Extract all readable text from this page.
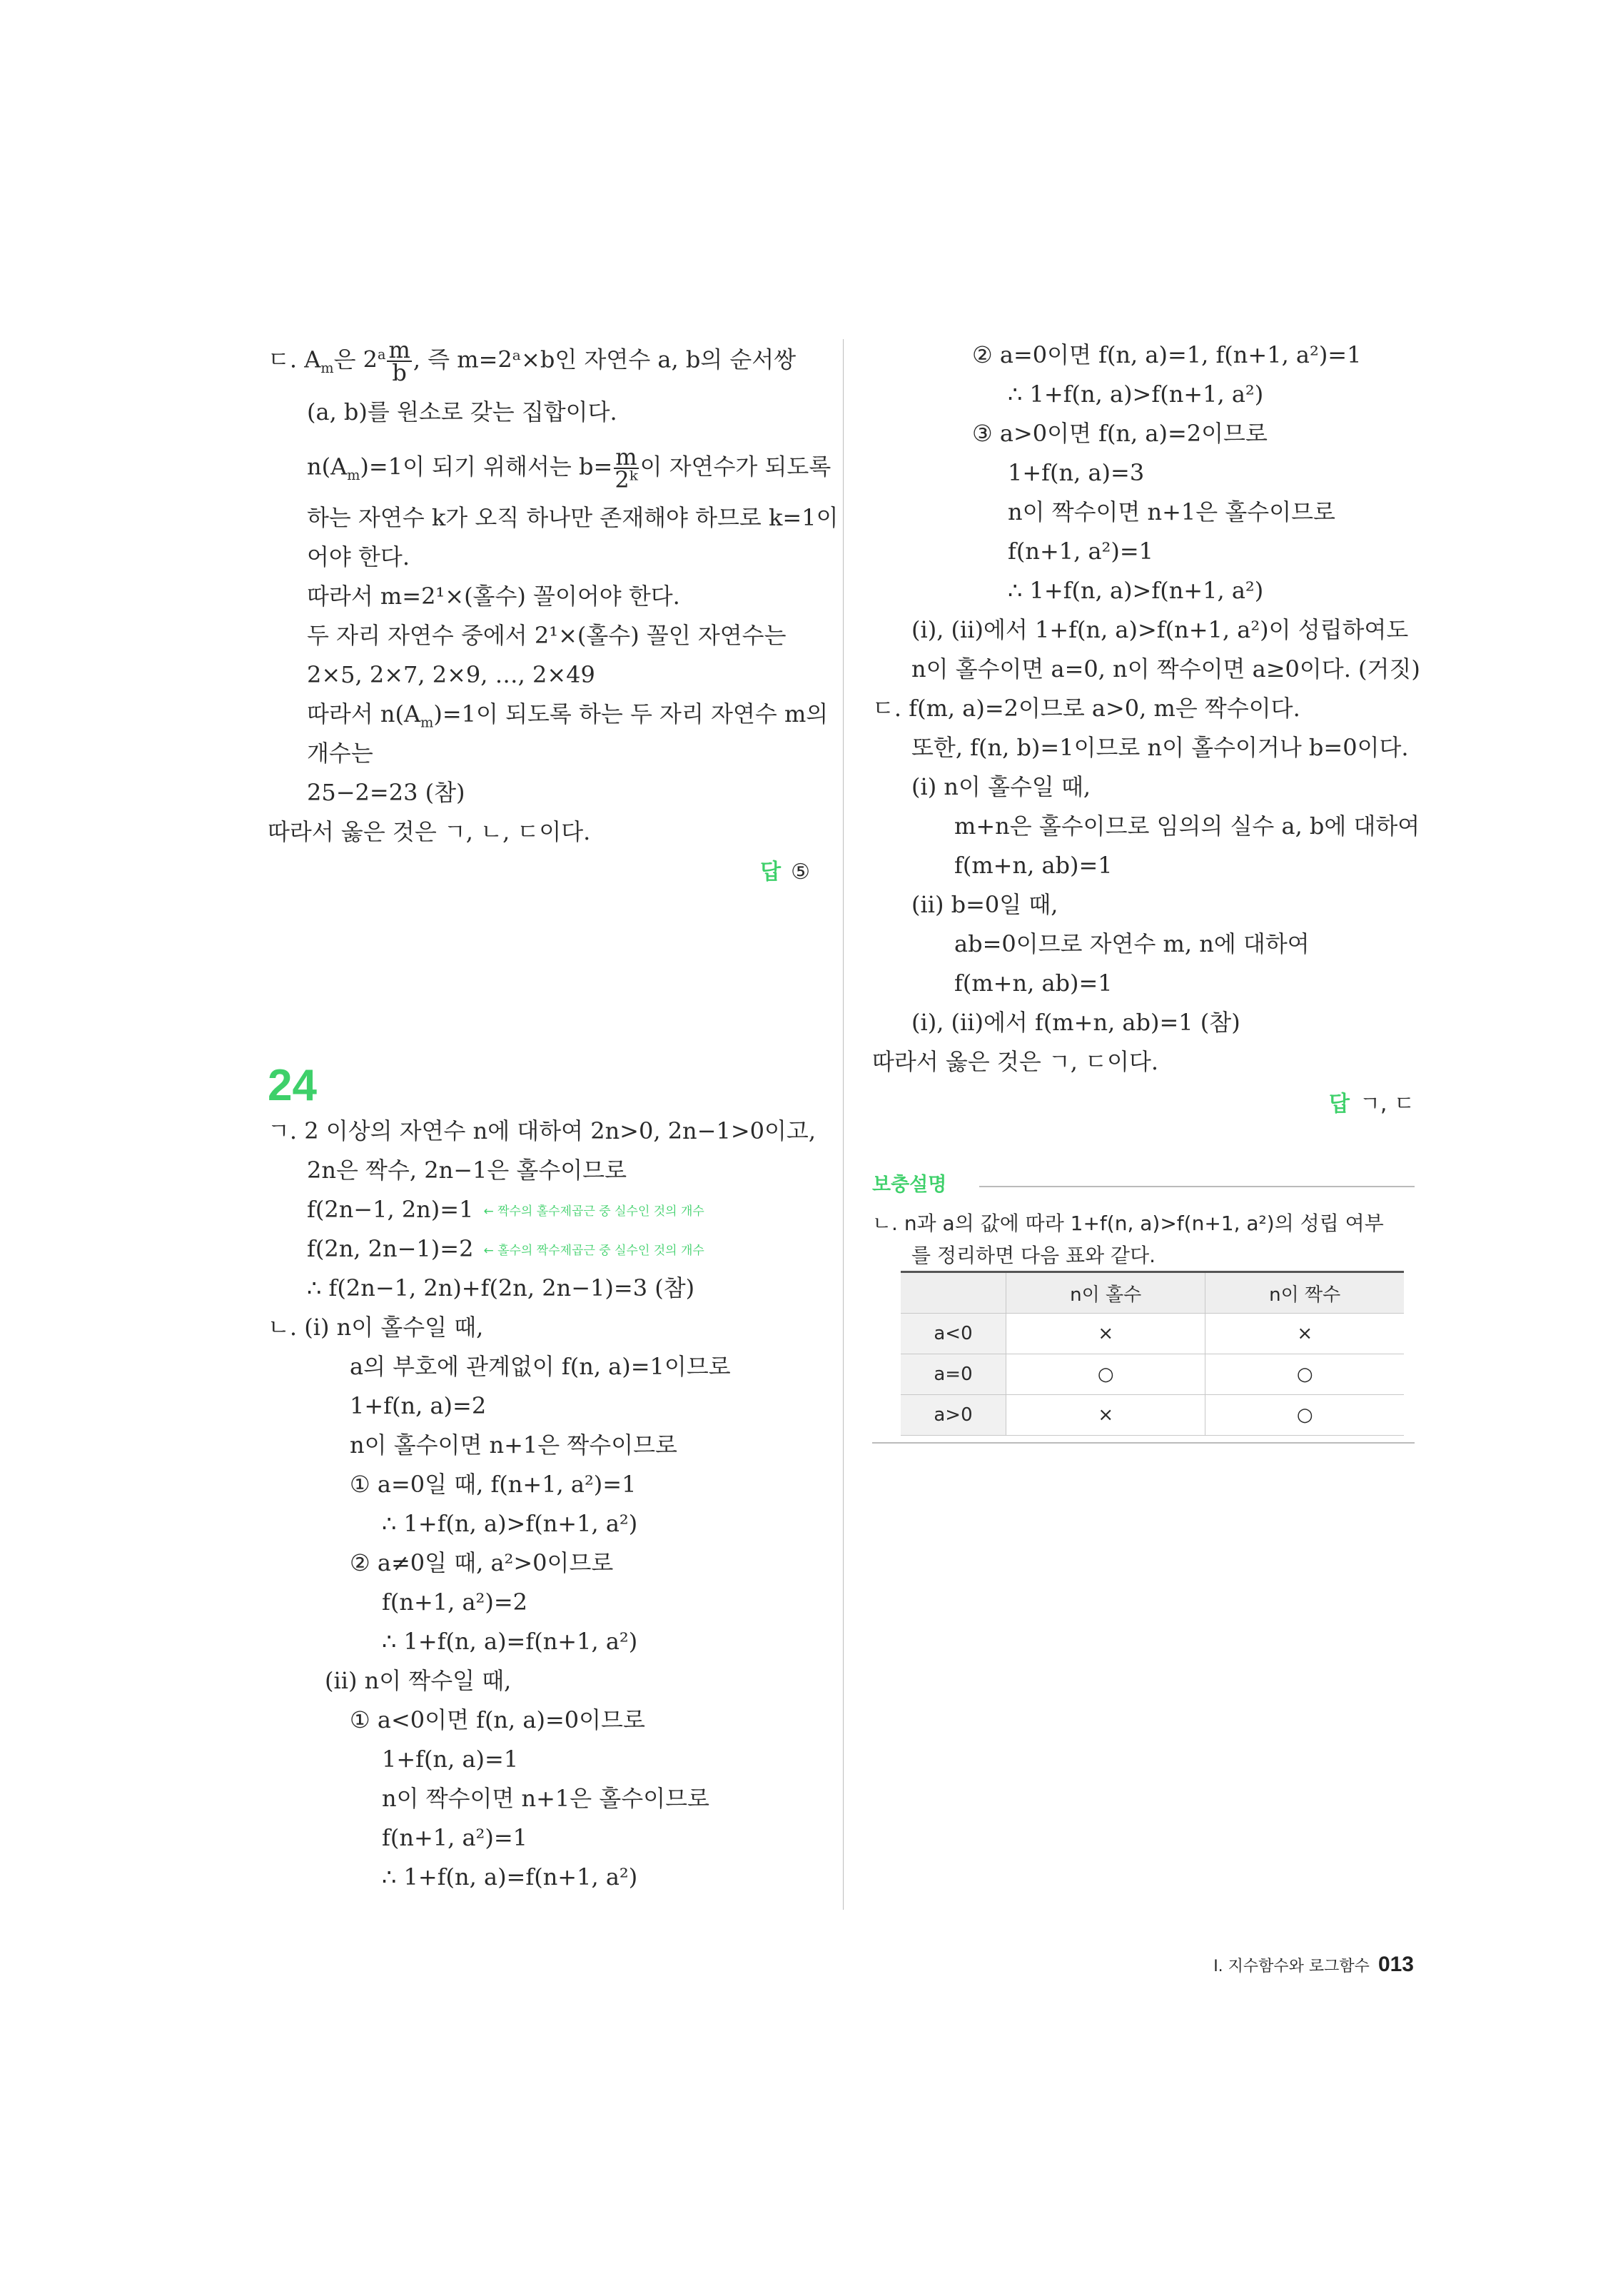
ㄷ. $A_m$은 $2^a \frac{m}{b}$ , 즉 m=2ᵃ×b인 자연수 a, b의 순서쌍
(a, b)를 원소로 갖는 집합이다.
$n(A_m)=1$이 되기 위해서는 $b= \frac{m}{\text{2ᵏ}}$ 이 자연수가 되도록
하는 자연수 k가 오직 하나만 존재해야 하므로 k=1이
어야 한다.
따라서 m=2¹×(홀수) 꼴이어야 한다.
두 자리 자연수 중에서 2¹×(홀수) 꼴인 자연수는
2×5, 2×7, 2×9, …, 2×49
따라서 $n(A_m)=1$이 되도록 하는 두 자리 자연수 m의
개수는
25−2=23 (참)
따라서 옳은 것은 ㄱ, ㄴ, ㄷ이다.
답 ⑤
24
ㄱ. 2 이상의 자연수 n에 대하여 2n>0, 2n−1>0이고,
2n은 짝수, 2n−1은 홀수이므로
f(2n−1, 2n)=1 ← 짝수의 홀수제곱근 중 실수인 것의 개수
f(2n, 2n−1)=2 ← 홀수의 짝수제곱근 중 실수인 것의 개수
∴ f(2n−1, 2n)+f(2n, 2n−1)=3 (참)
ㄴ. (ⅰ) n이 홀수일 때,
a의 부호에 관계없이 f(n, a)=1이므로
1+f(n, a)=2
n이 홀수이면 n+1은 짝수이므로
① a=0일 때, f(n+1, a²)=1
∴ 1+f(n, a)>f(n+1, a²)
② a≠0일 때, a²>0이므로
f(n+1, a²)=2
∴ 1+f(n, a)=f(n+1, a²)
(ⅱ) n이 짝수일 때,
① a<0이면 f(n, a)=0이므로
1+f(n, a)=1
n이 짝수이면 n+1은 홀수이므로
f(n+1, a²)=1
∴ 1+f(n, a)=f(n+1, a²)
② a=0이면 f(n, a)=1, f(n+1, a²)=1
∴ 1+f(n, a)>f(n+1, a²)
③ a>0이면 f(n, a)=2이므로
1+f(n, a)=3
n이 짝수이면 n+1은 홀수이므로
f(n+1, a²)=1
∴ 1+f(n, a)>f(n+1, a²)
(ⅰ), (ⅱ)에서 1+f(n, a)>f(n+1, a²)이 성립하여도
n이 홀수이면 a=0, n이 짝수이면 a≥0이다. (거짓)
ㄷ. f(m, a)=2이므로 a>0, m은 짝수이다.
또한, f(n, b)=1이므로 n이 홀수이거나 b=0이다.
(ⅰ) n이 홀수일 때,
m+n은 홀수이므로 임의의 실수 a, b에 대하여
f(m+n, ab)=1
(ⅱ) b=0일 때,
ab=0이므로 자연수 m, n에 대하여
f(m+n, ab)=1
(ⅰ), (ⅱ)에서 f(m+n, ab)=1 (참)
따라서 옳은 것은 ㄱ, ㄷ이다.
답 ㄱ, ㄷ
보충설명
ㄴ. n과 a의 값에 따라 1+f(n, a)>f(n+1, a²)의 성립 여부
를 정리하면 다음 표와 같다.
	n이 홀수	n이 짝수
a<0	×	×
a=0	○	○
a>0	×	○
Ⅰ. 지수함수와 로그함수 013
